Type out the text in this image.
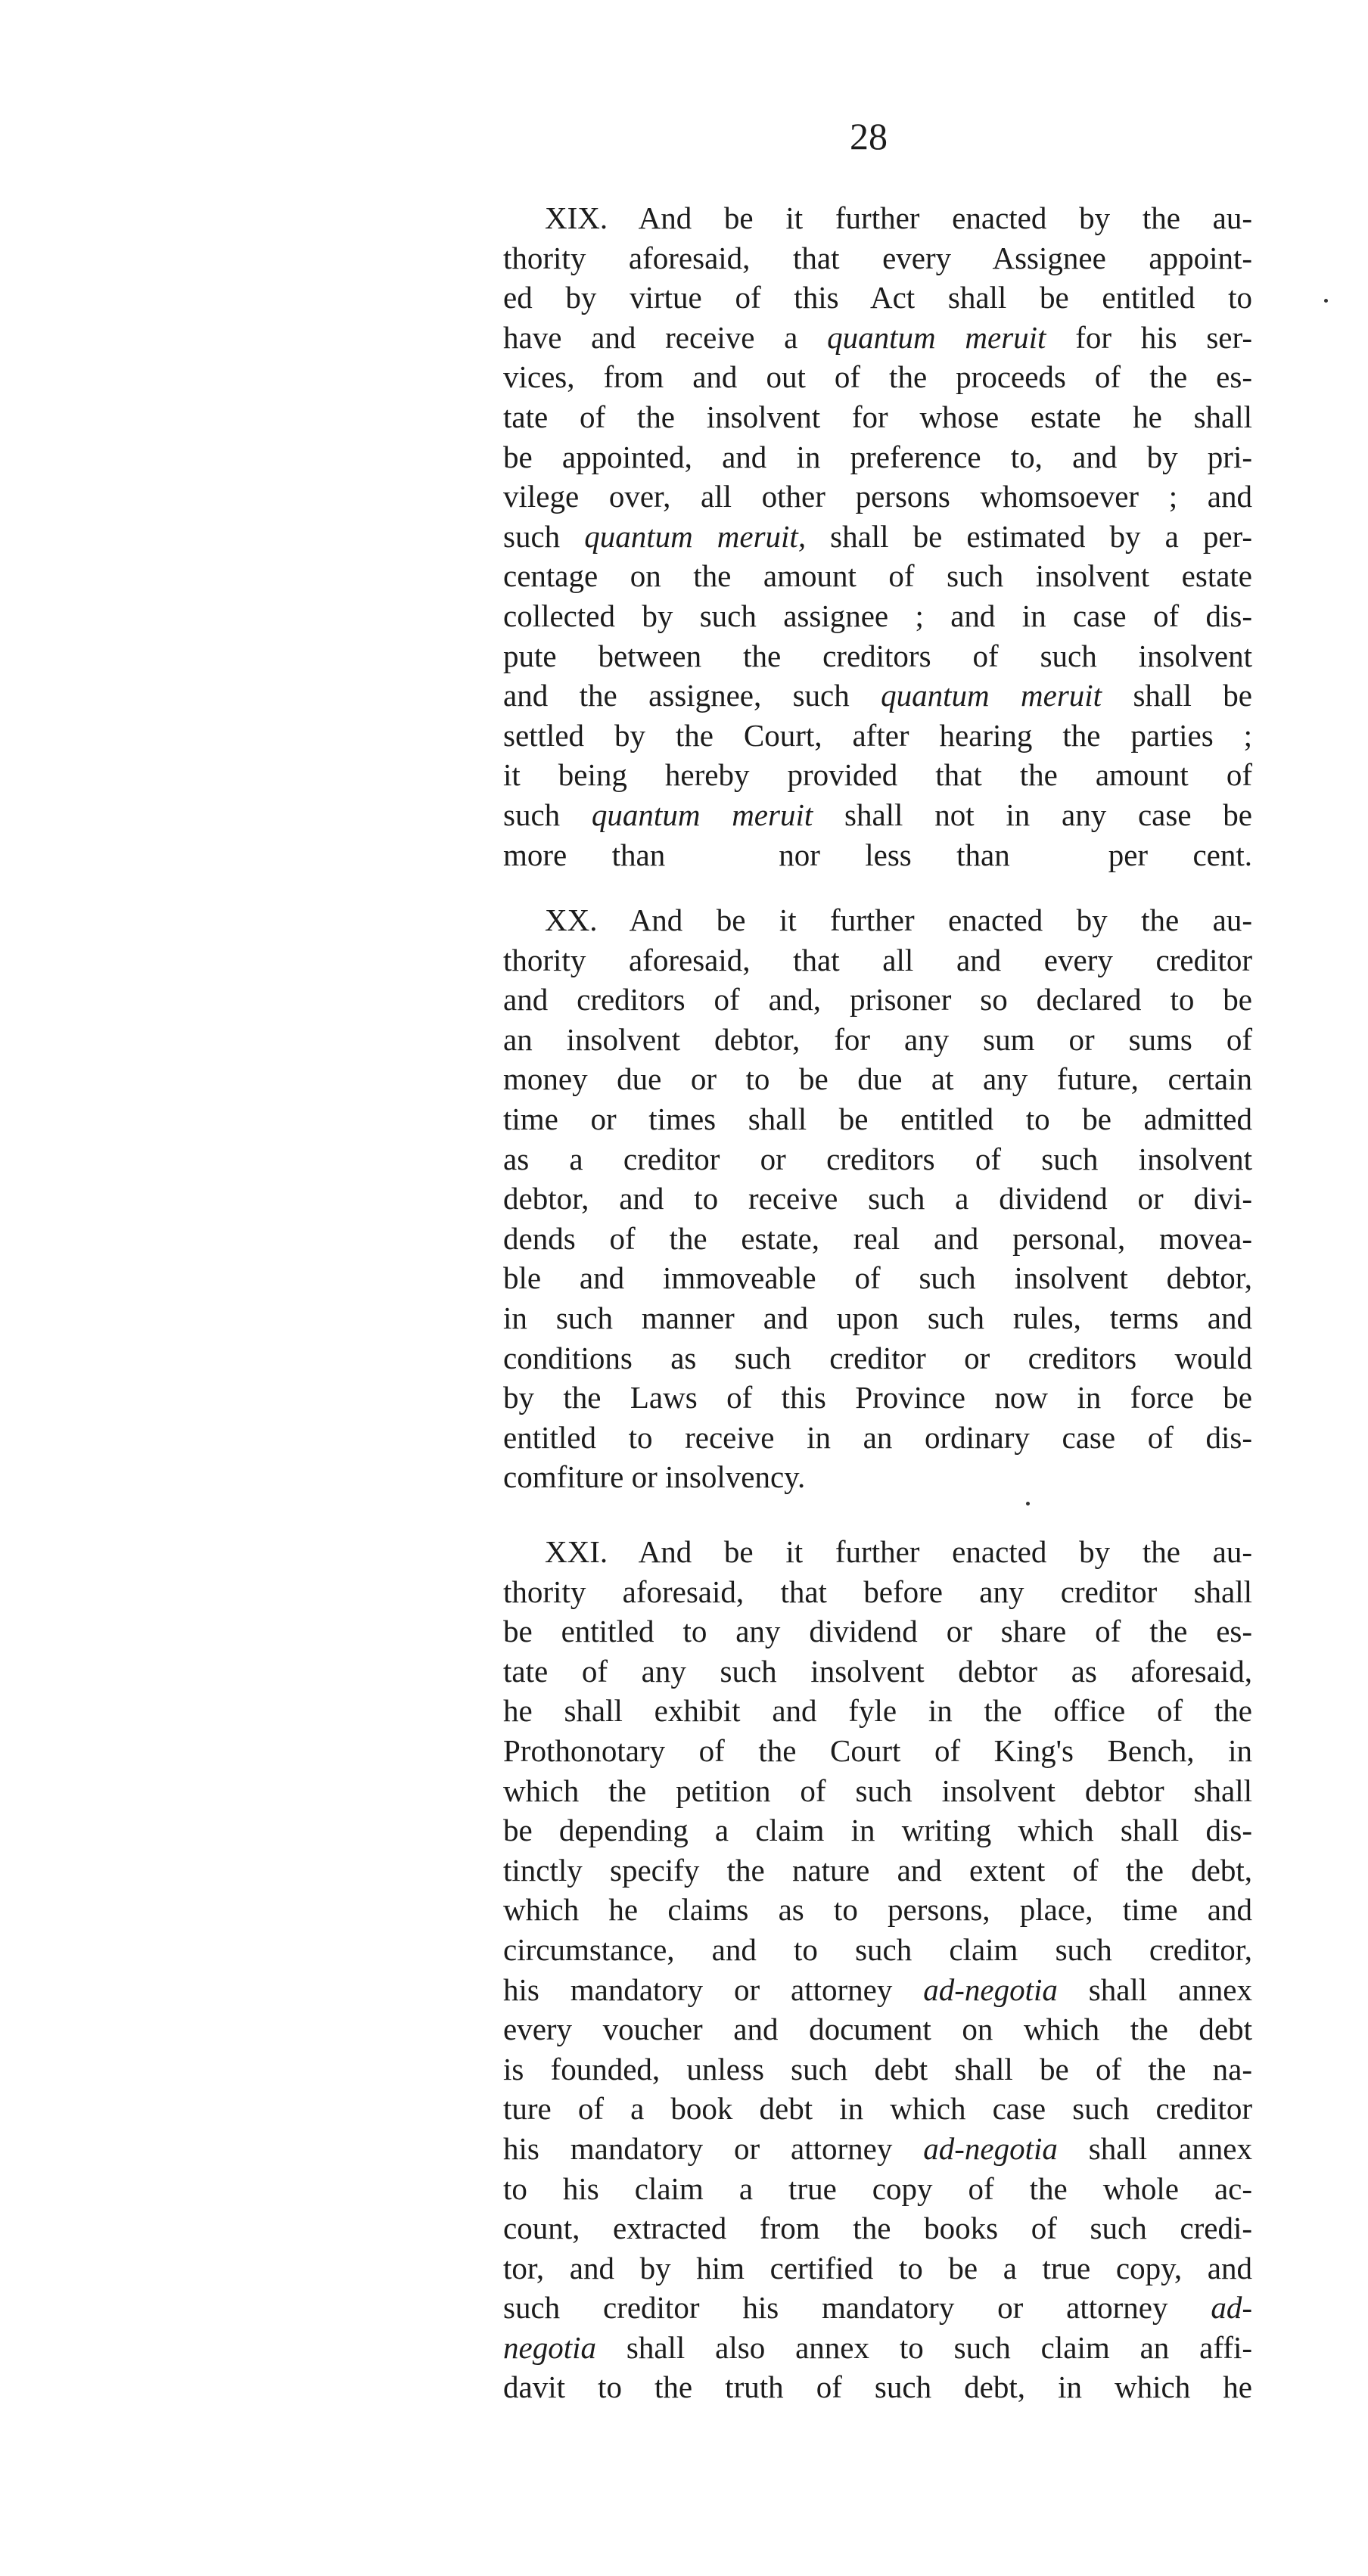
28
XIX. And be it further enacted by the au-
thority aforesaid, that every Assignee appoint-
ed by virtue of this Act shall be entitled to
have and receive a quantum meruit for his ser-
vices, from and out of the proceeds of the es-
tate of the insolvent for whose estate he shall
be appointed, and in preference to, and by pri-
vilege over, all other persons whomsoever ; and
such quantum meruit, shall be estimated by a per-
centage on the amount of such insolvent estate
collected by such assignee ; and in case of dis-
pute between the creditors of such insolvent
and the assignee, such quantum meruit shall be
settled by the Court, after hearing the parties ;
it being hereby provided that the amount of
such quantum meruit shall not in any case be
more than	nor less than	per cent.
XX. And be it further enacted by the au-
thority aforesaid, that all and every creditor
and creditors of and, prisoner so declared to be
an insolvent debtor, for any sum or sums of
money due or to be due at any future, certain
time or times shall be entitled to be admitted
as a creditor or creditors of such insolvent
debtor, and to receive such a dividend or divi-
dends of the estate, real and personal, movea-
ble and immoveable of such insolvent debtor,
in such manner and upon such rules, terms and
conditions as such creditor or creditors would
by the Laws of this Province now in force be
entitled to receive in an ordinary case of dis-
comfiture or insolvency.
XXI. And be it further enacted by the au-
thority aforesaid, that before any creditor shall
be entitled to any dividend or share of the es-
tate of any such insolvent debtor as aforesaid,
he shall exhibit and fyle in the office of the
Prothonotary of the Court of King's Bench, in
which the petition of such insolvent debtor shall
be depending a claim in writing which shall dis-
tinctly specify the nature and extent of the debt,
which he claims as to persons, place, time and
circumstance, and to such claim such creditor,
his mandatory or attorney ad-negotia shall annex
every voucher and document on which the debt
is founded, unless such debt shall be of the na-
ture of a book debt in which case such creditor
his mandatory or attorney ad-negotia shall annex
to his claim a true copy of the whole ac-
count, extracted from the books of such credi-
tor, and by him certified to be a true copy, and
such creditor his mandatory or attorney ad-
negotia shall also annex to such claim an affi-
davit to the truth of such debt, in which he
